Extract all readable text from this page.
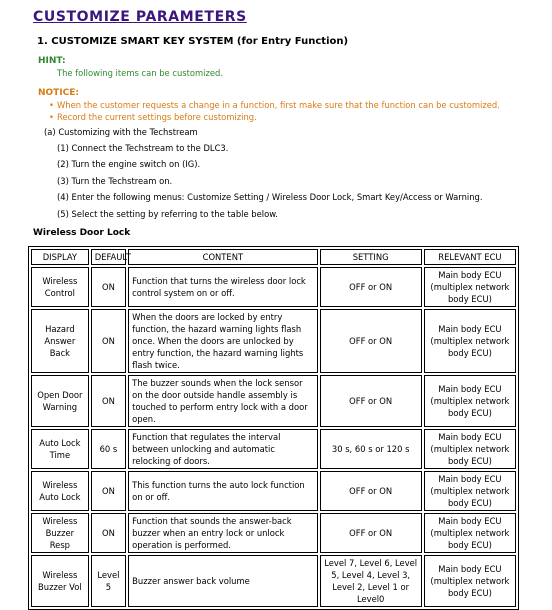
CUSTOMIZE PARAMETERS
1. CUSTOMIZE SMART KEY SYSTEM (for Entry Function)
HINT:
The following items can be customized.
NOTICE:
• When the customer requests a change in a function, first make sure that the function can be customized.
• Record the current settings before customizing.
(a) Customizing with the Techstream
(1) Connect the Techstream to the DLC3.
(2) Turn the engine switch on (IG).
(3) Turn the Techstream on.
(4) Enter the following menus: Customize Setting / Wireless Door Lock, Smart Key/Access or Warning.
(5) Select the setting by referring to the table below.
Wireless Door Lock
DISPLAY	DEFAULT	CONTENT	SETTING	RELEVANT ECU
Wireless Control	ON	Function that turns the wireless door lock control system on or off.	OFF or ON	Main body ECU (multiplex network body ECU)
Hazard Answer Back	ON	When the doors are locked by entry function, the hazard warning lights flash once. When the doors are unlocked by entry function, the hazard warning lights flash twice.	OFF or ON	Main body ECU (multiplex network body ECU)
Open Door Warning	ON	The buzzer sounds when the lock sensor on the door outside handle assembly is touched to perform entry lock with a door open.	OFF or ON	Main body ECU (multiplex network body ECU)
Auto Lock Time	60 s	Function that regulates the interval between unlocking and automatic relocking of doors.	30 s, 60 s or 120 s	Main body ECU (multiplex network body ECU)
Wireless Auto Lock	ON	This function turns the auto lock function on or off.	OFF or ON	Main body ECU (multiplex network body ECU)
Wireless Buzzer Resp	ON	Function that sounds the answer-back buzzer when an entry lock or unlock operation is performed.	OFF or ON	Main body ECU (multiplex network body ECU)
Wireless Buzzer Vol	Level 5	Buzzer answer back volume	Level 7, Level 6, Level 5, Level 4, Level 3, Level 2, Level 1 or Level0	Main body ECU (multiplex network body ECU)
